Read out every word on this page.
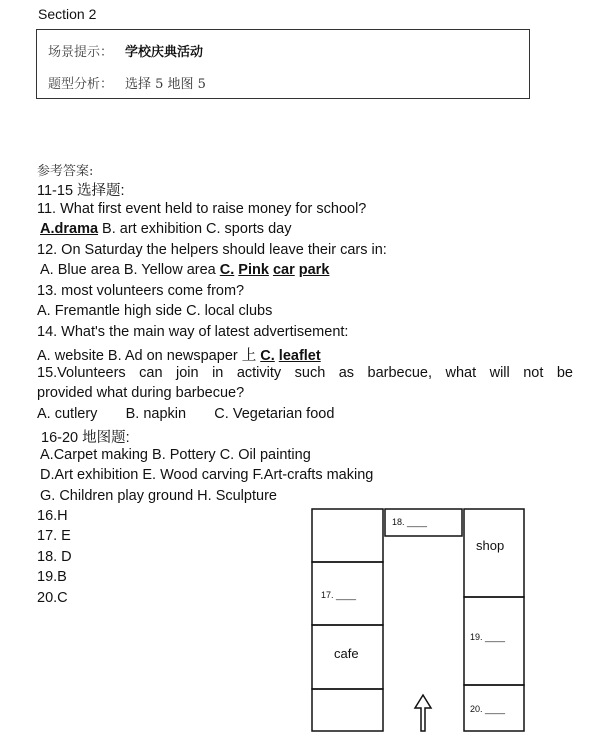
Section 2
场景提示： 学校庆典活动
题型分析： 选择 5 地图 5
参考答案:
11-15 选择题:
11. What first event held to raise money for school?
A.drama B. art exhibition C. sports day
12. On Saturday the helpers should leave their cars in:
A. Blue area B. Yellow area C. Pink car park
13. most volunteers come from?
A. Fremantle high side C. local clubs
14. What's the main way of latest advertisement:
A. website B. Ad on newspaper 上 C. leaflet
15.Volunteers can join in activity such as barbecue, what will not be
provided what during barbecue?
A. cutlery       B. napkin       C. Vegetarian food
16-20 地图题:
A.Carpet making B. Pottery C. Oil painting
D.Art exhibition E. Wood carving F.Art-crafts making
G. Children play ground H. Sculpture
16.H
17. E
18. D
19.B
20.C
18. ____
shop
17. ____
19. ____
cafe
20. ____
